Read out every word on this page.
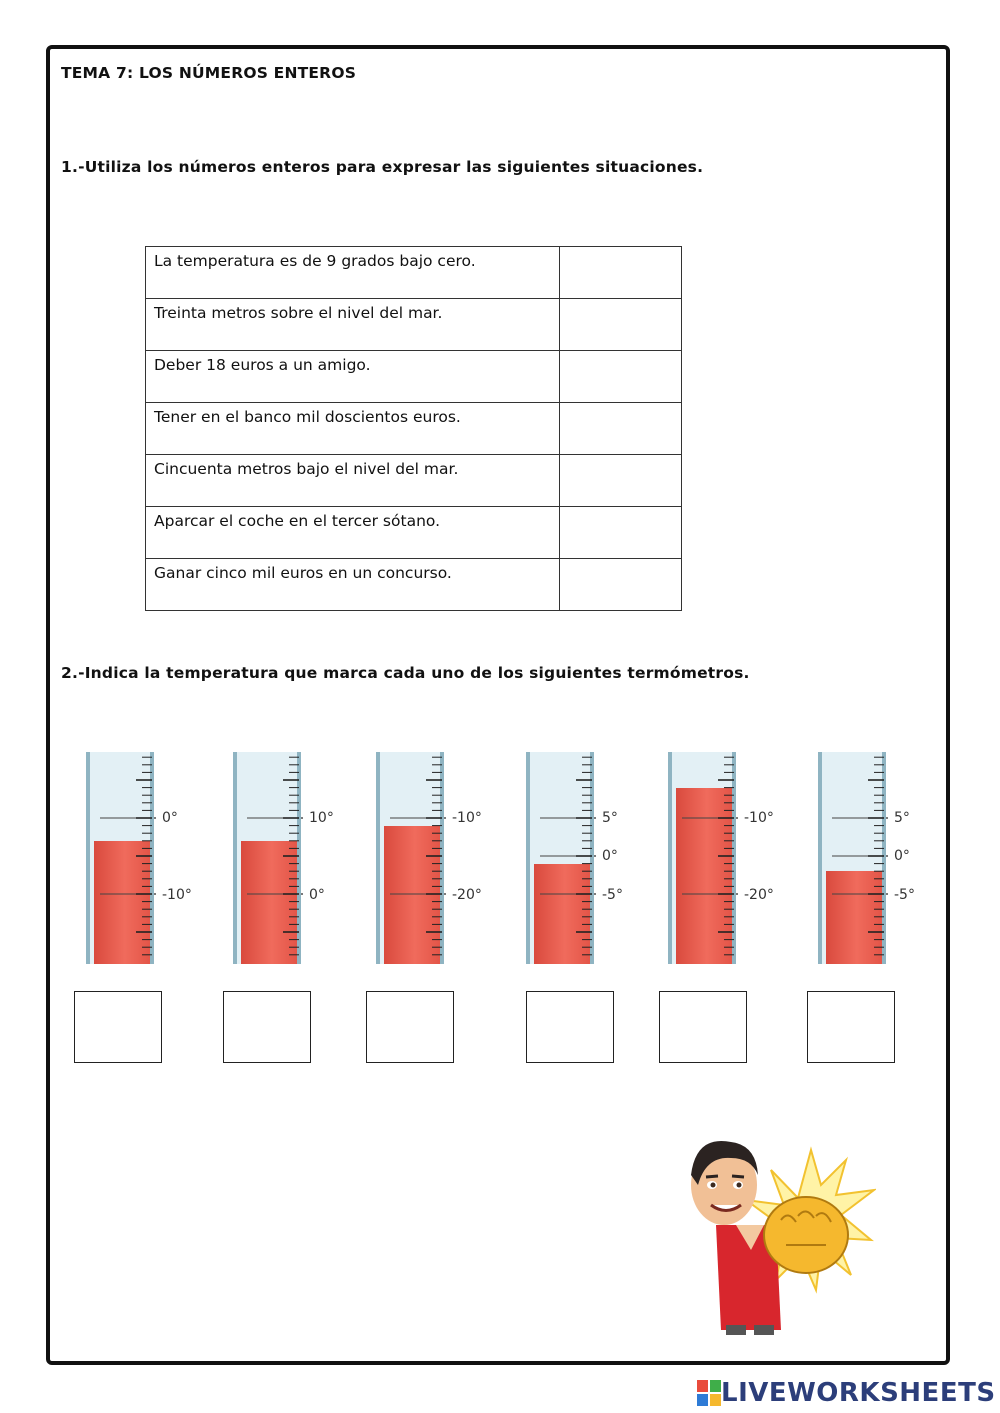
TEMA 7: LOS NÚMEROS ENTEROS
1.-Utiliza los números enteros para expresar las siguientes situaciones.
La temperatura es de 9 grados bajo cero.	
Treinta metros sobre el nivel del mar.	
Deber 18 euros a un amigo.	
Tener en el banco mil doscientos euros.	
Cincuenta metros bajo el nivel del mar.	
Aparcar el coche en el tercer sótano.	
Ganar cinco mil euros en un concurso.	
2.-Indica la temperatura que marca cada uno de los siguientes termómetros.
0°
-10°
10°
0°
-10°
-20°
5°
0°
-5°
-10°
-20°
5°
0°
-5°
LIVEWORKSHEETS
